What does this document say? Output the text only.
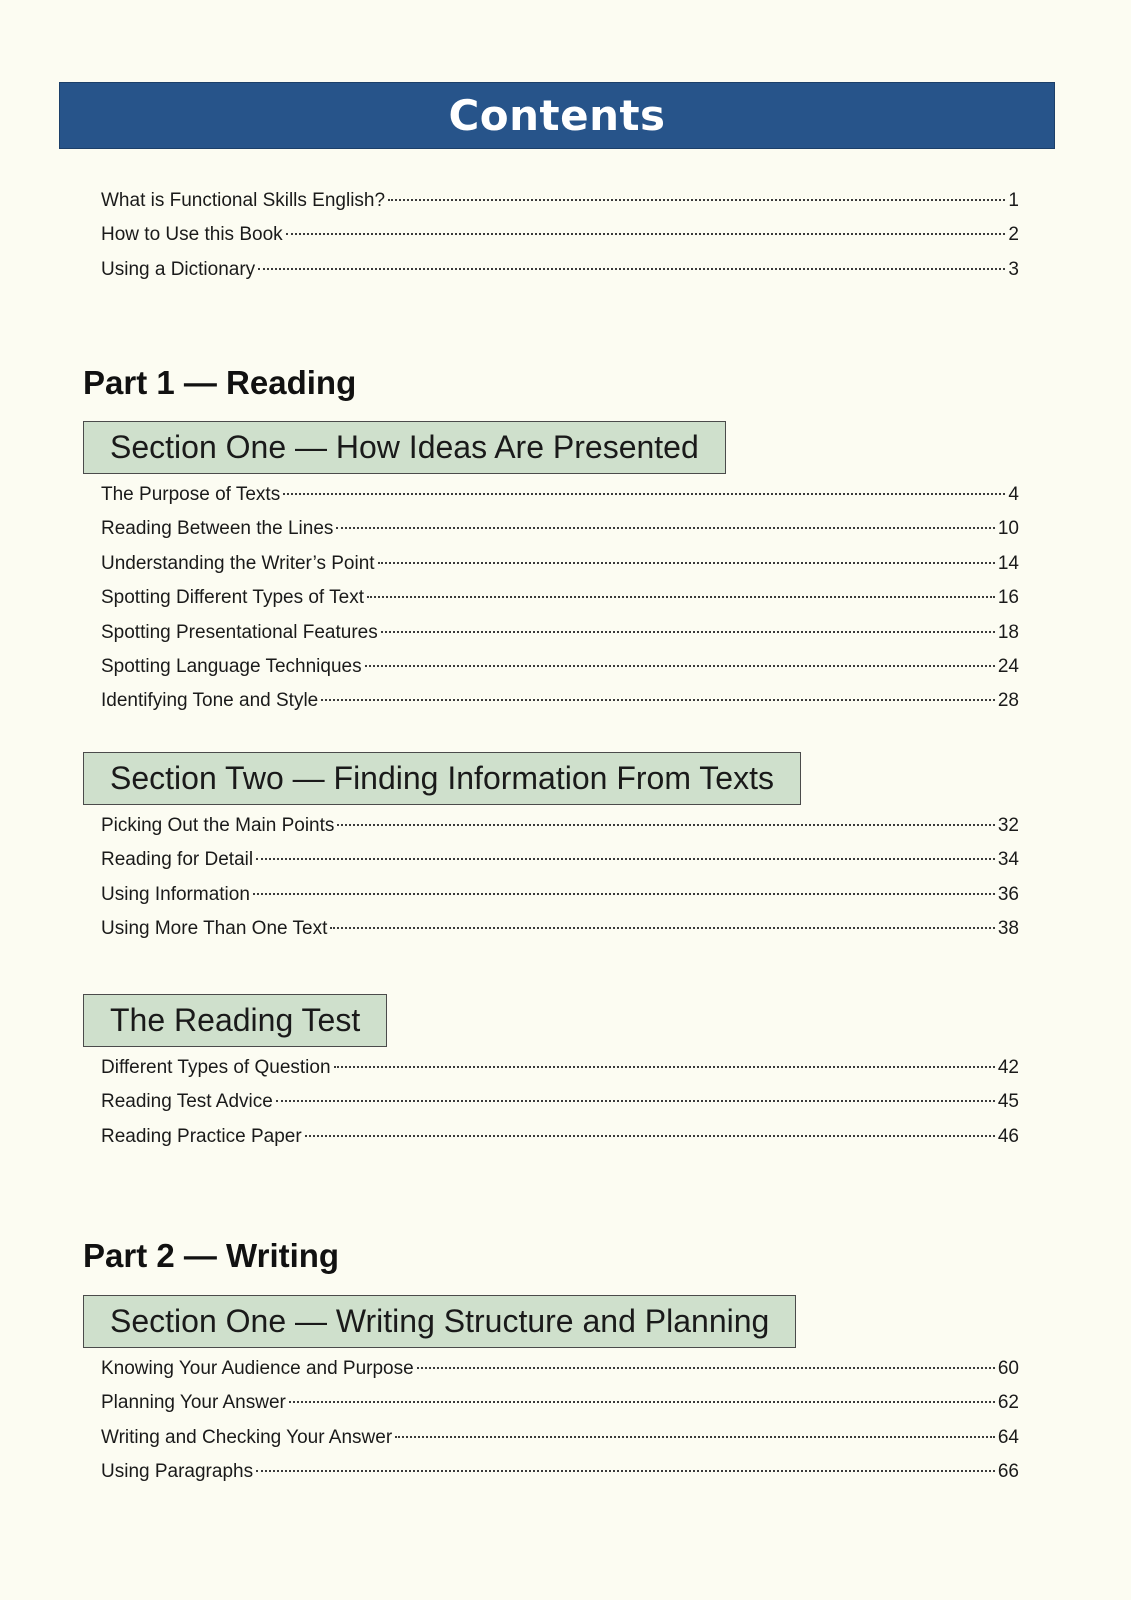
Contents
What is Functional Skills English?	1
How to Use this Book	2
Using a Dictionary	3
Part 1 — Reading
Section One — How Ideas Are Presented
The Purpose of Texts	4
Reading Between the Lines	10
Understanding the Writer’s Point	14
Spotting Different Types of Text	16
Spotting Presentational Features	18
Spotting Language Techniques	24
Identifying Tone and Style	28
Section Two — Finding Information From Texts
Picking Out the Main Points	32
Reading for Detail	34
Using Information	36
Using More Than One Text	38
The Reading Test
Different Types of Question	42
Reading Test Advice	45
Reading Practice Paper	46
Part 2 — Writing
Section One — Writing Structure and Planning
Knowing Your Audience and Purpose	60
Planning Your Answer	62
Writing and Checking Your Answer	64
Using Paragraphs	66
